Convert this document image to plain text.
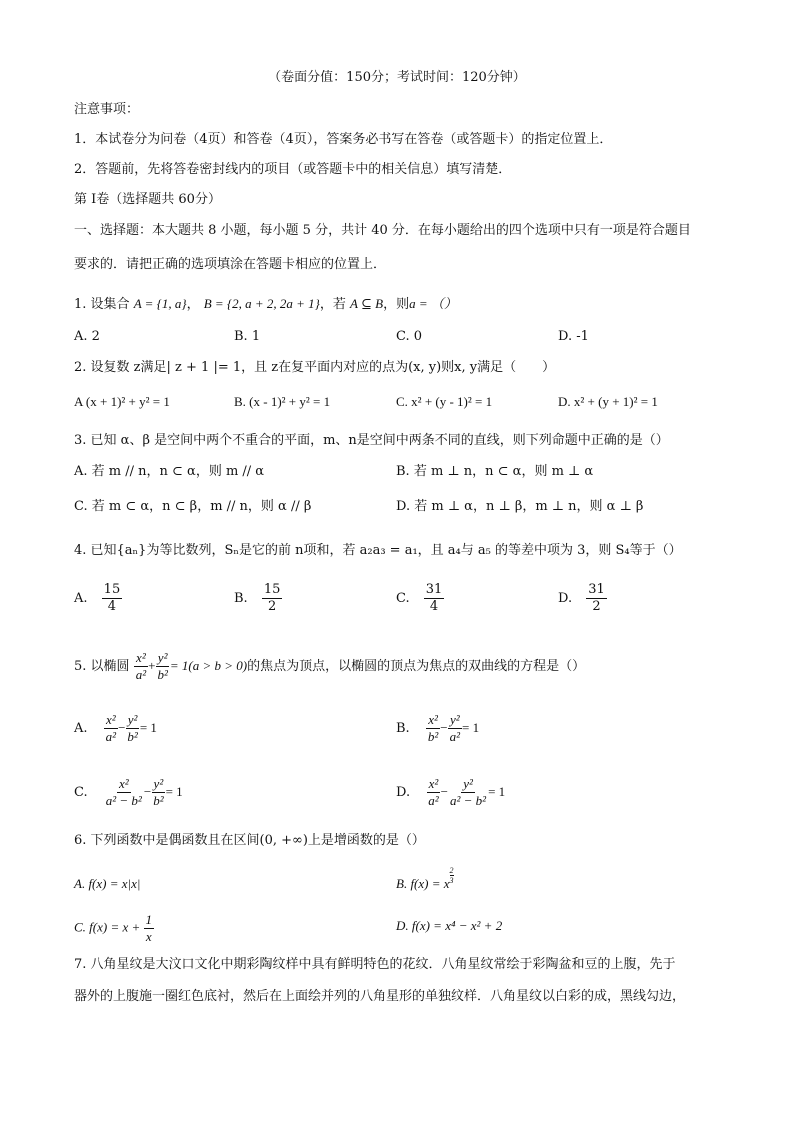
（卷面分值：150分；考试时间：120分钟）
注意事项：
1．本试卷分为问卷（4页）和答卷（4页），答案务必书写在答卷（或答题卡）的指定位置上．
2．答题前，先将答卷密封线内的项目（或答题卡中的相关信息）填写清楚．
第 I卷（选择题共 60分）
一、选择题：本大题共 8 小题，每小题 5 分，共计 40 分．在每小题给出的四个选项中只有一项是符合题目
要求的．请把正确的选项填涂在答题卡相应的位置上．
1. 设集合 A = {1, a}， B = {2, a + 2, 2a + 1}，若 A ⊆ B，则a = （）
A. 2	B. 1	C. 0	D. -1
2. 设复数 z满足| z + 1 |= 1，且 z在复平面内对应的点为(x, y)则x, y满足（　　）
A (x + 1)² + y² = 1	B. (x - 1)² + y² = 1	C. x² + (y - 1)² = 1	D. x² + (y + 1)² = 1
3. 已知 α、β 是空间中两个不重合的平面，m、n是空间中两条不同的直线，则下列命题中正确的是（）
A. 若 m // n，n ⊂ α，则 m // α	B. 若 m ⊥ n，n ⊂ α，则 m ⊥ α
C. 若 m ⊂ α，n ⊂ β，m // n，则 α // β	D. 若 m ⊥ α，n ⊥ β，m ⊥ n，则 α ⊥ β
4. 已知{aₙ}为等比数列，Sₙ是它的前 n项和，若 a₂a₃ = a₁，且 a₄与 a₅ 的等差中项为 3，则 S₄等于（）
A. $\frac{15}{4}$	B. $\frac{15}{2}$	C. $\frac{31}{4}$	D. $\frac{31}{2}$
5. 以椭圆 $\frac{\text{x²}}{\text{a²}} + \frac{\text{y²}}{\text{b²}} = 1(a > b > 0)$的焦点为顶点，以椭圆的顶点为焦点的双曲线的方程是（）
A. $\frac{\text{x²}}{\text{a²}} - \frac{\text{y²}}{\text{b²}} = 1$	B. $\frac{\text{x²}}{\text{b²}} - \frac{\text{y²}}{\text{a²}} = 1$
C. $\frac{\text{x²}}{\text{a² − b²}} - \frac{\text{y²}}{\text{b²}} = 1$	D. $\frac{\text{x²}}{\text{a²}} - \frac{\text{y²}}{\text{a² − b²}} = 1$
6. 下列函数中是偶函数且在区间(0, +∞)上是增函数的是（）
A. f(x) = x|x|	B. f(x) = x $^{\frac{2}{3}}$
C. $f(x) = x + \frac{1}{x}$	D. f(x) = x⁴ − x² + 2
7. 八角星纹是大汶口文化中期彩陶纹样中具有鲜明特色的花纹．八角星纹常绘于彩陶盆和豆的上腹，先于
器外的上腹施一圈红色底衬，然后在上面绘并列的八角星形的单独纹样．八角星纹以白彩的成，黑线勾边，
